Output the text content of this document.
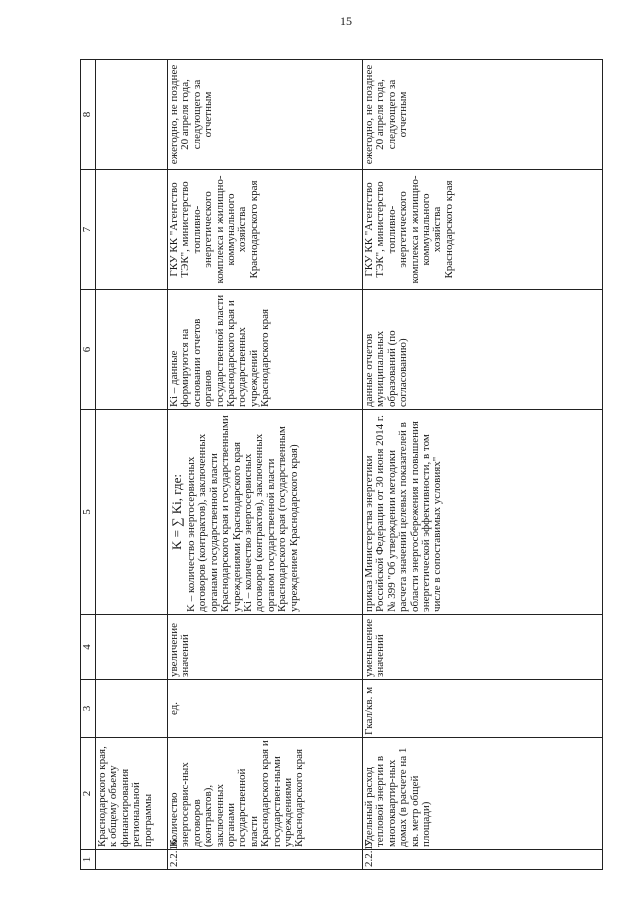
15
1	2	3	4	5	6	7	8
	Краснодарского края, к общему объему финансирования региональной программы						
2.2.16	Количество энергосервис-ных договоров (контрактов), заключенных органами государственной власти Краснодарского края и государствен-ными учреждениями Краснодарского края	ед.	увеличение значений	K = ∑ Ki, где:
K – количество энергосервисных договоров (контрактов), заключенных органами государственной власти Краснодарского края и государственными учреждениями Краснодарского края
Ki – количество энергосервисных договоров (контрактов), заключенных органом государственной власти Краснодарского края (государственным учреждением Краснодарского края)	Ki – данные формируются на основании отчетов органов государственной власти Краснодарского края и государственных учреждений Краснодарского края	ГКУ КК "Агентство ТЭК", министерство топливно-энергетического комплекса и жилищно-коммунального хозяйства Краснодарского края	ежегодно, не позднее 20 апреля года, следующего за отчетным
2.2.17	Удельный расход тепловой энергии в многоквартир-ных домах (в расчете на 1 кв. метр общей площади)	Гкал/кв. м	уменьшение значений	приказ Министерства энергетики Российской Федерации от 30 июня 2014 г. № 399 "Об утверждении методики расчета значений целевых показателей в области энергосбережения и повышения энергетической эффективности, в том числе в сопоставимых условиях"	данные отчетов муниципальных образований (по согласованию)	ГКУ КК "Агентство ТЭК", министерство топливно-энергетического комплекса и жилищно-коммунального хозяйства Краснодарского края	ежегодно, не позднее 20 апреля года, следующего за отчетным
